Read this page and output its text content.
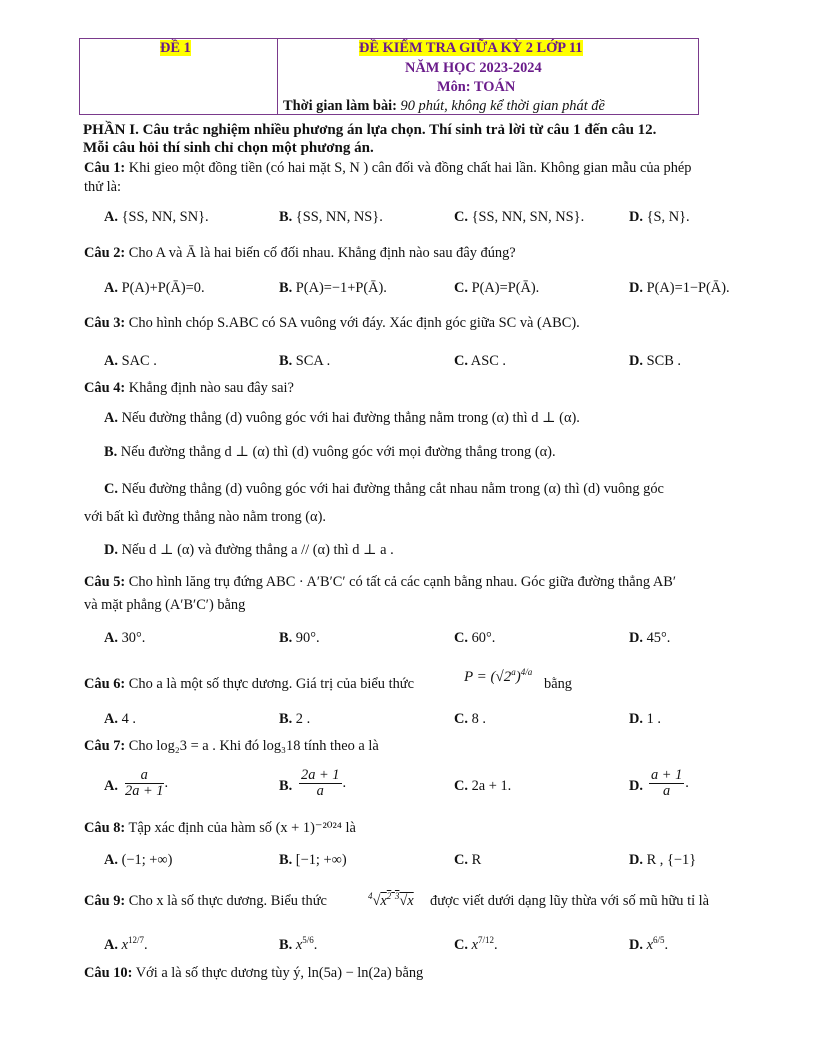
ĐỀ 1	ĐỀ KIỂM TRA GIỮA KỲ 2 LỚP 11
NĂM HỌC 2023-2024
Môn: TOÁN
Thời gian làm bài: 90 phút, không kể thời gian phát đề
PHẦN I. Câu trắc nghiệm nhiều phương án lựa chọn. Thí sinh trả lời từ câu 1 đến câu 12.
Mỗi câu hỏi thí sinh chỉ chọn một phương án.
Câu 1: Khi gieo một đồng tiền (có hai mặt S, N ) cân đối và đồng chất hai lần. Không gian mẫu của phép
thử là:
A. {SS, NN, SN}.	B. {SS, NN, NS}.	C. {SS, NN, SN, NS}.	D. {S, N}.
Câu 2: Cho A và Ā là hai biến cố đối nhau. Khẳng định nào sau đây đúng?
A. P(A)+P(Ā)=0.	B. P(A)=−1+P(Ā).	C. P(A)=P(Ā).	D. P(A)=1−P(Ā).
Câu 3: Cho hình chóp S.ABC có SA vuông với đáy. Xác định góc giữa SC và (ABC).
A. SAC .	B. SCA .	C. ASC .	D. SCB .
Câu 4: Khẳng định nào sau đây sai?
A. Nếu đường thẳng (d) vuông góc với hai đường thẳng nằm trong (α) thì d ⊥ (α).
B. Nếu đường thẳng d ⊥ (α) thì (d) vuông góc với mọi đường thẳng trong (α).
C. Nếu đường thẳng (d) vuông góc với hai đường thẳng cắt nhau nằm trong (α) thì (d) vuông góc
với bất kì đường thẳng nào nằm trong (α).
D. Nếu d ⊥ (α) và đường thẳng a // (α) thì d ⊥ a .
Câu 5: Cho hình lăng trụ đứng ABC · A′B′C′ có tất cả các cạnh bằng nhau. Góc giữa đường thẳng AB′
và mặt phẳng (A′B′C′) bằng
A. 30°.	B. 90°.	C. 60°.	D. 45°.
Câu 6: Cho a là một số thực dương. Giá trị của biểu thức	$P = (√2^a)^{4/a}$
bằng
A. 4 .	B. 2 .	C. 8 .	D. 1 .
Câu 7: Cho log₂3 = a . Khi đó log₃18 tính theo a là
A. $\frac{a}{2a + 1}$ .	B. $\frac{2a + 1}{a}$ .	C. 2a + 1.	D. $\frac{a + 1}{a}$ .
Câu 8: Tập xác định của hàm số (x + 1)⁻²⁰²⁴ là
A. (−1; +∞)	B. [−1; +∞)	C. R	D. R , {−1}
Câu 9: Cho x là số thực dương. Biểu thức	$^4√x^2$ $^3$√x được viết dưới dạng lũy thừa với số mũ hữu tỉ là
A. $x^{12/7}$.	B. $x^{5/6}$.	C. $x^{7/12}$.	D. $x^{6/5}$.
Câu 10: Với a là số thực dương tùy ý, ln(5a) − ln(2a) bằng
